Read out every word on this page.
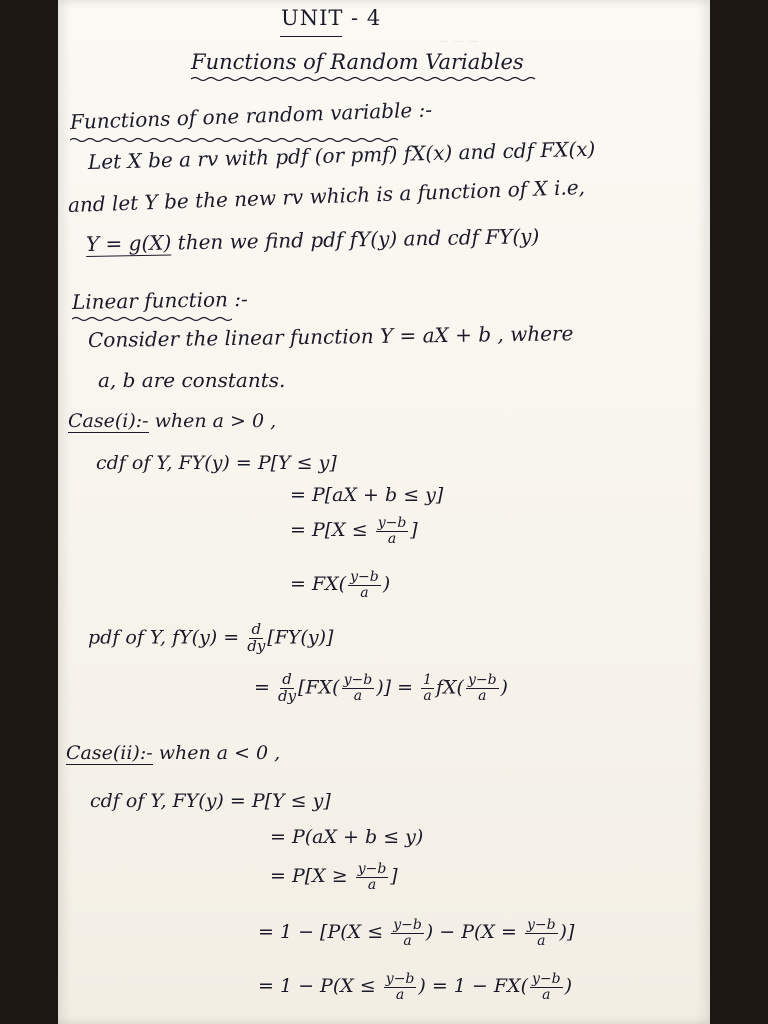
⎯ ⎯ ⎯
UNIT - 4
Functions of Random Variables
Functions of one random variable :-
Let X be a rv with pdf (or pmf) fX(x) and cdf FX(x)
and let Y be the new rv which is a function of X i.e,
Y = g(X) then we find pdf fY(y) and cdf FY(y)
Linear function :-
Consider the linear function Y = aX + b , where
a, b are constants.
Case(i):- when a > 0 ,
cdf of Y, FY(y) = P[Y ≤ y]
= P[aX + b ≤ y]
= $P[X \le \frac{y-b}{a}$ ]
= $FX( \frac{y-b}{a}$ )
pdf of Y, $fY(y) = \frac{d}{dy} [FY(y)]$
= $\frac{d}{dy} [FX( \frac{y-b}{a}$ )] = $\frac{1}{a} fX( \frac{y-b}{a}$ )
Case(ii):- when a < 0 ,
cdf of Y, FY(y) = P[Y ≤ y]
= P(aX + b ≤ y)
= $P[X \ge \frac{y-b}{a}$ ]
= $1 - [P(X \le \frac{y-b}{a}$ ) − $P(X = \frac{y-b}{a}$ )]
= $1 - P(X \le \frac{y-b}{a}$ ) = $1 - FX( \frac{y-b}{a}$ )
